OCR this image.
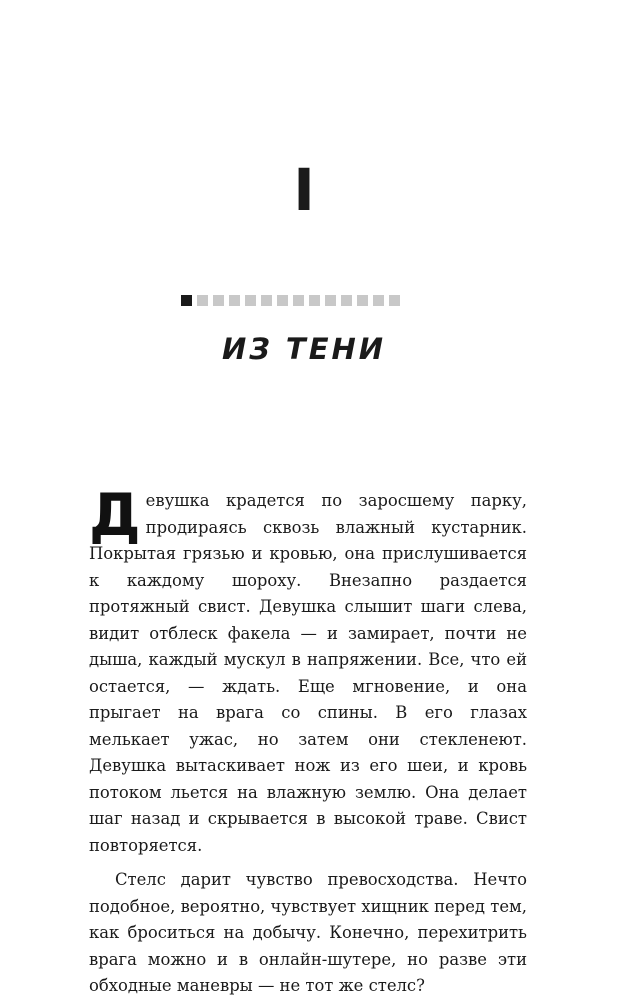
I
ИЗ ТЕНИ

Девушка крадется по заросшему парку, продираясь сквозь влажный кустарник. Покрытая грязью и кровью, она прислушивается к каждому шороху. Внезапно раздается протяжный свист. Девушка слышит шаги слева, видит отблеск факела — и замирает, почти не дыша, каждый мускул в напряжении. Все, что ей остается, — ждать. Еще мгновение, и она прыгает на врага со спины. В его глазах мелькает ужас, но затем они стекленеют. Девушка вытаскивает нож из его шеи, и кровь потоком льется на влажную землю. Она делает шаг назад и скрывается в высокой траве. Свист повторяется.

Стелс дарит чувство превосходства. Нечто подобное, вероятно, чувствует хищник перед тем, как броситься на добычу. Конечно, перехитрить врага можно и в онлайн-шутере, но разве эти обходные маневры — не тот же стелс?
